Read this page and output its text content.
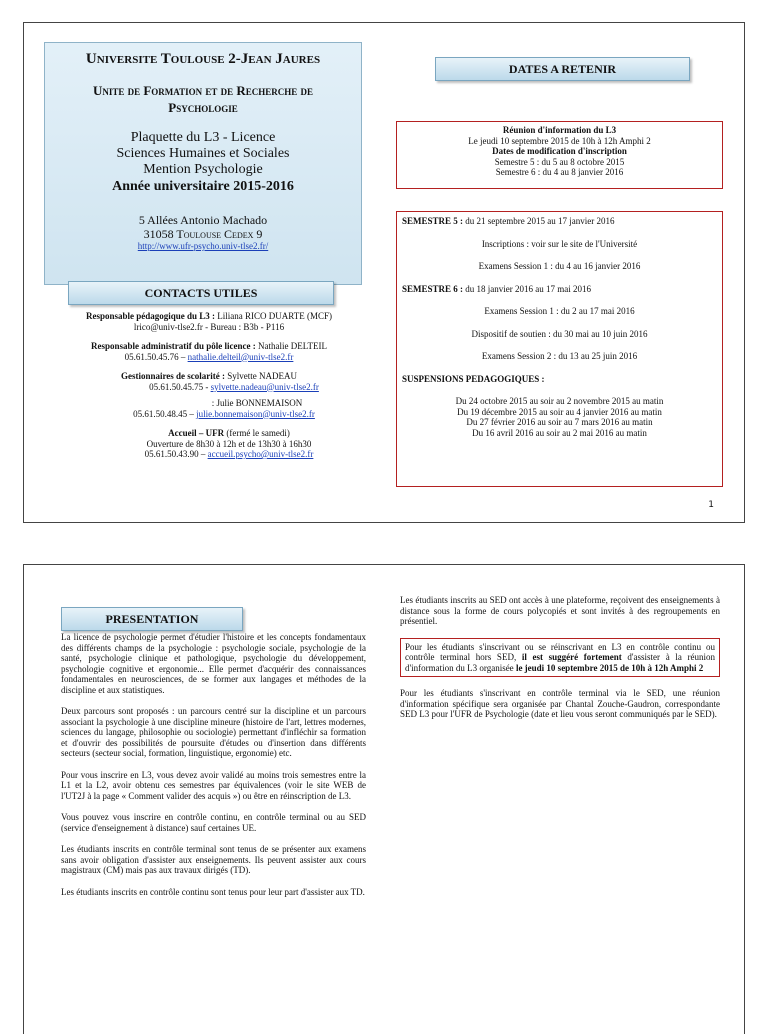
Universite Toulouse 2-Jean Jaures
Unite de Formation et de Recherche de Psychologie
Plaquette du L3 - Licence
Sciences Humaines et Sociales
Mention Psychologie
Année universitaire 2015-2016
5 Allées Antonio Machado
31058 Toulouse Cedex 9
http://www.ufr-psycho.univ-tlse2.fr/
CONTACTS UTILES
Responsable pédagogique du L3 : Liliana RICO DUARTE (MCF)
lrico@univ-tlse2.fr - Bureau : B3b - P116
Responsable administratif du pôle licence : Nathalie DELTEIL
05.61.50.45.76 – nathalie.delteil@univ-tlse2.fr
Gestionnaires de scolarité : Sylvette NADEAU
05.61.50.45.75 - sylvette.nadeau@univ-tlse2.fr
: Julie BONNEMAISON
05.61.50.48.45 – julie.bonnemaison@univ-tlse2.fr
Accueil – UFR (fermé le samedi)
Ouverture de 8h30 à 12h et de 13h30 à 16h30
05.61.50.43.90 – accueil.psycho@univ-tlse2.fr
DATES A RETENIR
Réunion d'information du L3
Le jeudi 10 septembre 2015 de 10h à 12h Amphi 2
Dates de modification d'inscription
Semestre 5 : du 5 au 8 octobre 2015
Semestre 6 : du 4 au 8 janvier 2016
SEMESTRE 5 : du 21 septembre 2015 au 17 janvier 2016
Inscriptions : voir sur le site de l'Université
Examens Session 1 : du 4 au 16 janvier 2016
SEMESTRE 6 : du 18 janvier 2016 au 17 mai 2016
Examens Session 1 : du 2 au 17 mai 2016
Dispositif de soutien : du 30 mai au 10 juin 2016
Examens Session 2 : du 13 au 25 juin 2016
SUSPENSIONS PEDAGOGIQUES :
Du 24 octobre 2015 au soir au 2 novembre 2015 au matin
Du 19 décembre 2015 au soir au 4 janvier 2016 au matin
Du 27 février 2016 au soir au 7 mars 2016 au matin
Du 16 avril 2016 au soir au 2 mai 2016 au matin
1
PRESENTATION

La licence de psychologie permet d'étudier l'histoire et les concepts fondamentaux des différents champs de la psychologie : psychologie sociale, psychologie de la santé, psychologie clinique et pathologique, psychologie du développement, psychologie cognitive et ergonomie... Elle permet d'acquérir des connaissances fondamentales en neurosciences, de se former aux langages et méthodes de la discipline et aux statistiques.

Deux parcours sont proposés : un parcours centré sur la discipline et un parcours associant la psychologie à une discipline mineure (histoire de l'art, lettres modernes, sciences du langage, philosophie ou sociologie) permettant d'infléchir sa formation et d'ouvrir des possibilités de poursuite d'études ou d'insertion dans différents secteurs (secteur social, formation, linguistique, ergonomie) etc.

Pour vous inscrire en L3, vous devez avoir validé au moins trois semestres entre la L1 et la L2, avoir obtenu ces semestres par équivalences (voir le site WEB de l'UT2J à la page « Comment valider des acquis ») ou être en réinscription de L3.

Vous pouvez vous inscrire en contrôle continu, en contrôle terminal ou au SED (service d'enseignement à distance) sauf certaines UE.

Les étudiants inscrits en contrôle terminal sont tenus de se présenter aux examens sans avoir obligation d'assister aux enseignements. Ils peuvent assister aux cours magistraux (CM) mais pas aux travaux dirigés (TD).

Les étudiants inscrits en contrôle continu sont tenus pour leur part d'assister aux TD.

Les étudiants inscrits au SED ont accès à une plateforme, reçoivent des enseignements à distance sous la forme de cours polycopiés et sont invités à des regroupements en présentiel.

Pour les étudiants s'inscrivant ou se réinscrivant en L3 en contrôle continu ou contrôle terminal hors SED, il est suggéré fortement d'assister à la réunion d'information du L3 organisée le jeudi 10 septembre 2015 de 10h à 12h Amphi 2

Pour les étudiants s'inscrivant en contrôle terminal via le SED, une réunion d'information spécifique sera organisée par Chantal Zouche-Gaudron, correspondante SED L3 pour l'UFR de Psychologie (date et lieu vous seront communiqués par le SED).
